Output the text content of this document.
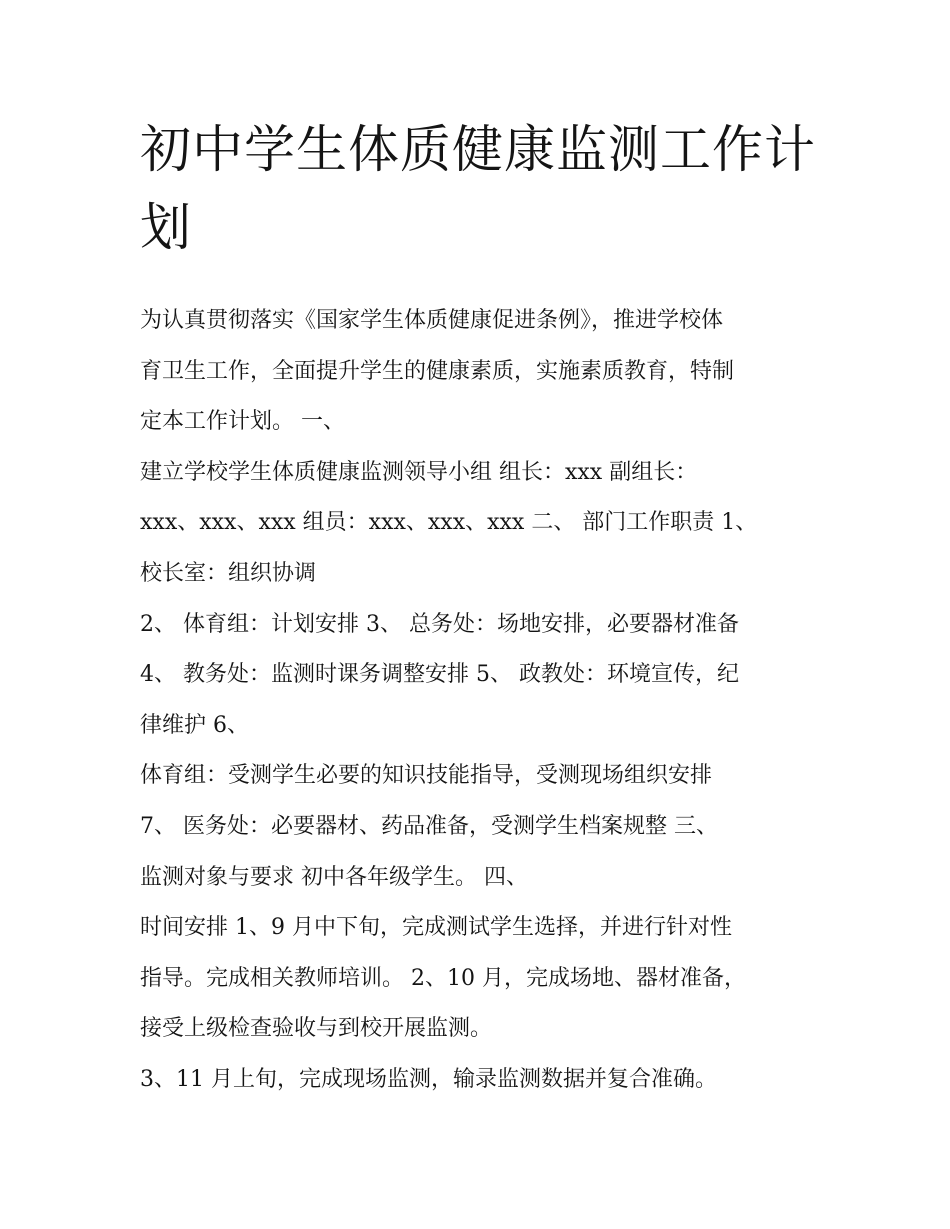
初中学生体质健康监测工作计划

为认真贯彻落实《国家学生体质健康促进条例》，推进学校体
育卫生工作，全面提升学生的健康素质，实施素质教育，特制
定本工作计划。 一、
建立学校学生体质健康监测领导小组 组长：xxx 副组长：
xxx、xxx、xxx 组员：xxx、xxx、xxx 二、 部门工作职责 1、
校长室：组织协调
2、 体育组：计划安排 3、 总务处：场地安排，必要器材准备
4、 教务处：监测时课务调整安排 5、 政教处：环境宣传，纪
律维护 6、
体育组：受测学生必要的知识技能指导，受测现场组织安排
7、 医务处：必要器材、药品准备，受测学生档案规整 三、
监测对象与要求 初中各年级学生。 四、
时间安排 1、9 月中下旬，完成测试学生选择，并进行针对性
指导。完成相关教师培训。 2、10 月，完成场地、器材准备，
接受上级检查验收与到校开展监测。
3、11 月上旬，完成现场监测，输录监测数据并复合准确。
